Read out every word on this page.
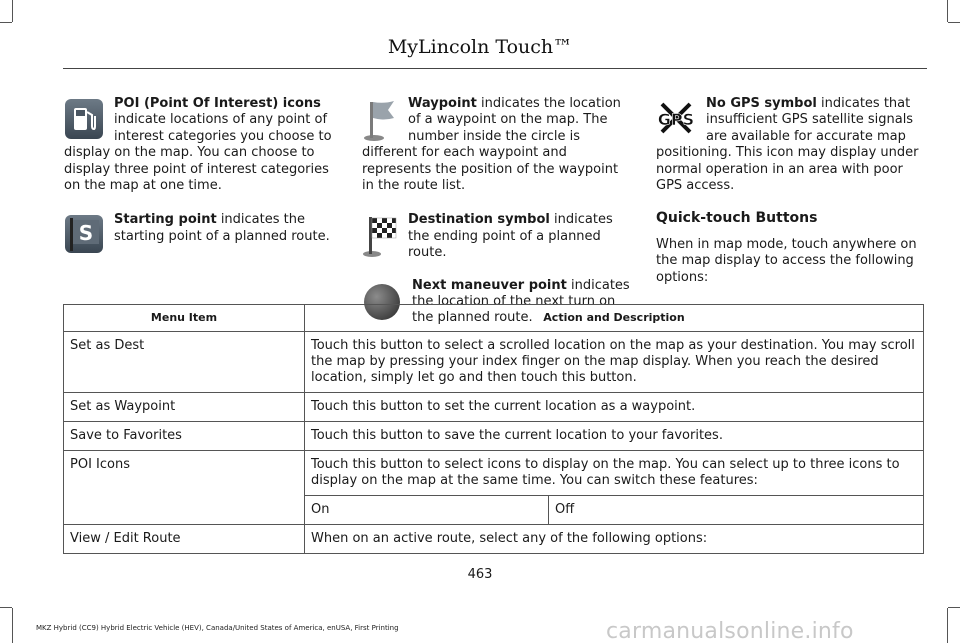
MyLincoln Touch™

POI (Point Of Interest) icons indicate locations of any point of interest categories you choose to display on the map. You can choose to display three point of interest categories on the map at one time.

S

Starting point indicates the starting point of a planned route.

Waypoint indicates the location of a waypoint on the map. The number inside the circle is different for each waypoint and represents the position of the waypoint in the route list.

Destination symbol indicates the ending point of a planned route.

Next maneuver point indicates the location of the next turn on the planned route.

GPS

No GPS symbol indicates that insufficient GPS satellite signals are available for accurate map positioning. This icon may display under normal operation in an area with poor GPS access.

Quick-touch Buttons

When in map mode, touch anywhere on the map display to access the following options:

Menu Item	Action and Description	
Set as Dest	Touch this button to select a scrolled location on the map as your destination. You may scroll the map by pressing your index finger on the map display. When you reach the desired location, simply let go and then touch this button.	
Set as Waypoint	Touch this button to set the current location as a waypoint.	
Save to Favorites	Touch this button to save the current location to your favorites.	
POI Icons	Touch this button to select icons to display on the map. You can select up to three icons to display on the map at the same time. You can switch these features:	
	On	Off
View / Edit Route	When on an active route, select any of the following options:	
463
MKZ Hybrid (CC9) Hybrid Electric Vehicle (HEV), Canada/United States of America, enUSA, First Printing	carmanualsonline.info
